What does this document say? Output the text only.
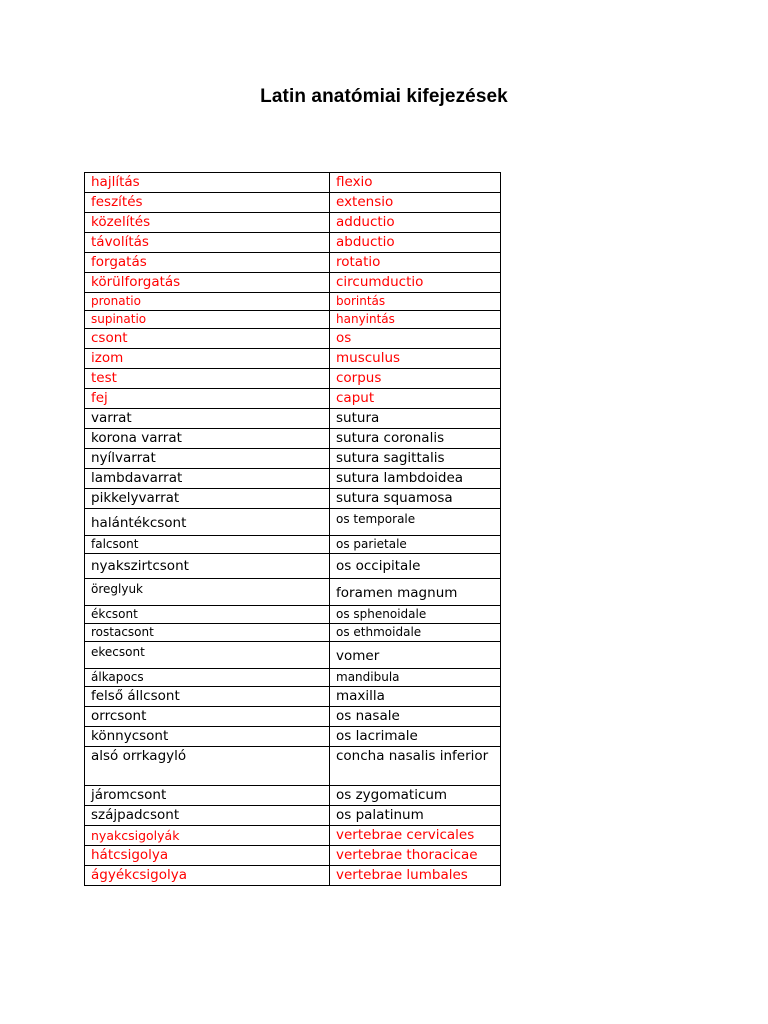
Latin anatómiai kifejezések
hajlítás	flexio
feszítés	extensio
közelítés	adductio
távolítás	abductio
forgatás	rotatio
körülforgatás	circumductio
pronatio	borintás
supinatio	hanyintás
csont	os
izom	musculus
test	corpus
fej	caput
varrat	sutura
korona varrat	sutura coronalis
nyílvarrat	sutura sagittalis
lambdavarrat	sutura lambdoidea
pikkelyvarrat	sutura squamosa
halántékcsont	os temporale
falcsont	os parietale
nyakszirtcsont	os occipitale
öreglyuk	foramen magnum
ékcsont	os sphenoidale
rostacsont	os ethmoidale
ekecsont	vomer
álkapocs	mandibula
felső állcsont	maxilla
orrcsont	os nasale
könnycsont	os lacrimale
alsó orrkagyló	concha nasalis inferior
járomcsont	os zygomaticum
szájpadcsont	os palatinum
nyakcsigolyák	vertebrae cervicales
hátcsigolya	vertebrae thoracicae
ágyékcsigolya	vertebrae lumbales
